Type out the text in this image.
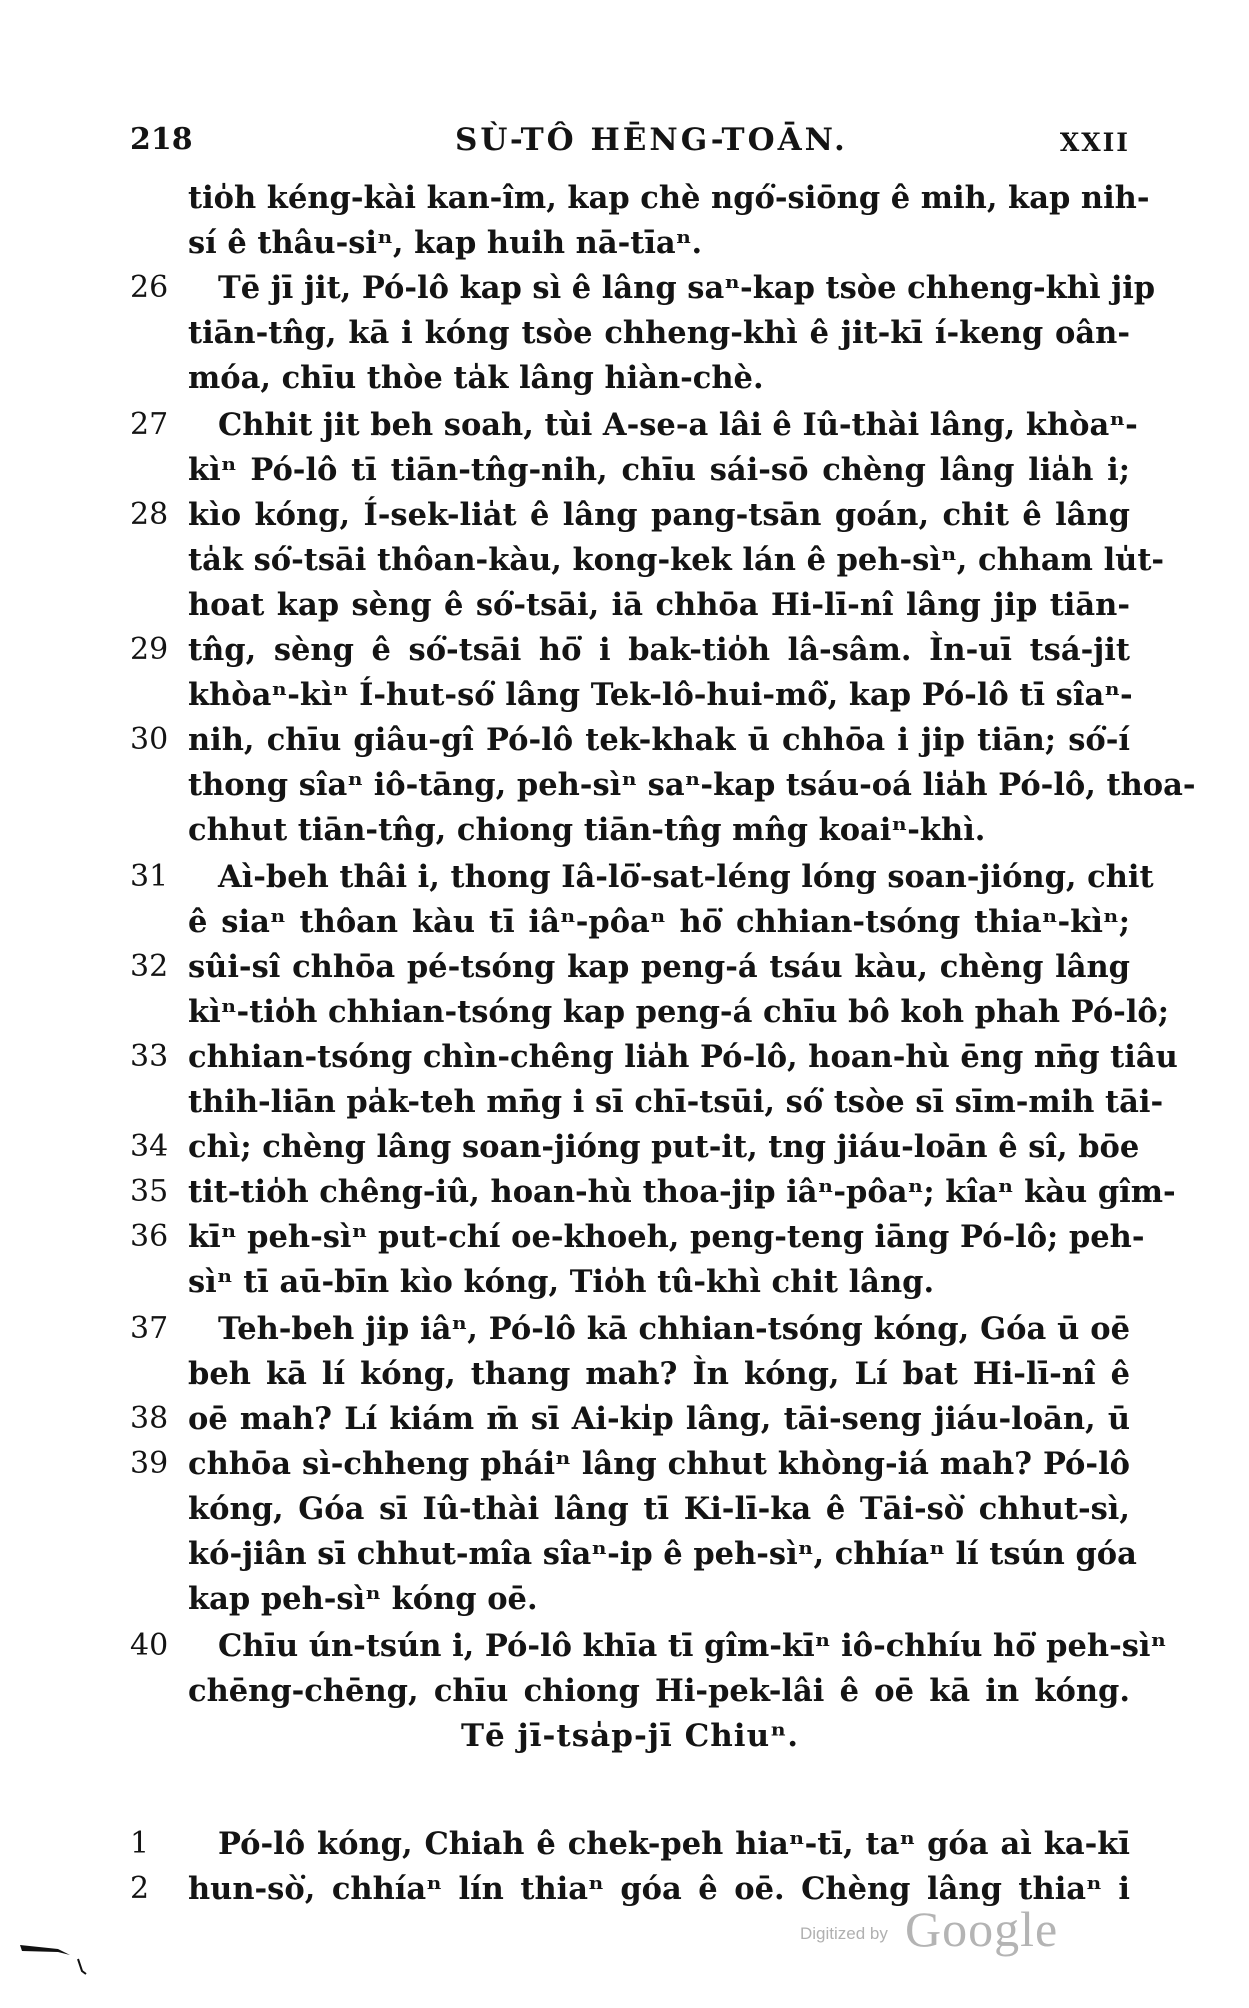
218	SÙ-TÔ HĒNG-TOĀN.	XXII
tio̍h kéng-kài kan-îm, kap chè ngó͘-siōng ê mih, kap nih-
sí ê thâu-siⁿ, kap huih nā-tīaⁿ.
26 Tē jī jit, Pó-lô kap sì ê lâng saⁿ-kap tsòe chheng-khì jip
tiān-tn̂g, kā i kóng tsòe chheng-khì ê jit-kī í-keng oân-
móa, chīu thòe ta̍k lâng hiàn-chè.
27 Chhit jit beh soah, tùi A-se-a lâi ê Iû-thài lâng, khòaⁿ-
kìⁿ Pó-lô tī tiān-tn̂g-nih, chīu sái-sō chèng lâng lia̍h i;
28 kìo kóng, Í-sek-lia̍t ê lâng pang-tsān goán, chit ê lâng
ta̍k só͘-tsāi thôan-kàu, kong-kek lán ê peh-sìⁿ, chham lu̍t-
hoat kap sèng ê só͘-tsāi, iā chhōa Hi-lī-nî lâng jip tiān-
29 tn̂g, sèng ê só͘-tsāi hō͘ i bak-tio̍h lâ-sâm. Ìn-uī tsá-jit
khòaⁿ-kìⁿ Í-hut-só͘ lâng Tek-lô-hui-mô͘, kap Pó-lô tī sîaⁿ-
30 nih, chīu giâu-gî Pó-lô tek-khak ū chhōa i jip tiān; só͘-í
thong sîaⁿ iô-tāng, peh-sìⁿ saⁿ-kap tsáu-oá lia̍h Pó-lô, thoa-
chhut tiān-tn̂g, chiong tiān-tn̂g mn̂g koaiⁿ-khì.
31 Aì-beh thâi i, thong Iâ-lō͘-sat-léng lóng soan-jióng, chit
ê siaⁿ thôan kàu tī iâⁿ-pôaⁿ hō͘ chhian-tsóng thiaⁿ-kìⁿ;
32 sûi-sî chhōa pé-tsóng kap peng-á tsáu kàu, chèng lâng
kìⁿ-tio̍h chhian-tsóng kap peng-á chīu bô koh phah Pó-lô;
33 chhian-tsóng chìn-chêng lia̍h Pó-lô, hoan-hù ēng nn̄g tiâu
thih-liān pa̍k-teh mn̄g i sī chī-tsūi, só͘ tsòe sī sīm-mih tāi-
34 chì; chèng lâng soan-jióng put-it, tng jiáu-loān ê sî, bōe
35 tit-tio̍h chêng-iû, hoan-hù thoa-jip iâⁿ-pôaⁿ; kîaⁿ kàu gîm-
36 kīⁿ peh-sìⁿ put-chí oe-khoeh, peng-teng iāng Pó-lô; peh-
sìⁿ tī aū-bīn kìo kóng, Tio̍h tû-khì chit lâng.
37 Teh-beh jip iâⁿ, Pó-lô kā chhian-tsóng kóng, Góa ū oē
beh kā lí kóng, thang mah? Ìn kóng, Lí bat Hi-lī-nî ê
38 oē mah? Lí kiám m̄ sī Ai-ki̍p lâng, tāi-seng jiáu-loān, ū
39 chhōa sì-chheng pháiⁿ lâng chhut khòng-iá mah? Pó-lô
kóng, Góa sī Iû-thài lâng tī Ki-lī-ka ê Tāi-sò͘ chhut-sì,
kó-jiân sī chhut-mîa sîaⁿ-ip ê peh-sìⁿ, chhíaⁿ lí tsún góa
kap peh-sìⁿ kóng oē.
40 Chīu ún-tsún i, Pó-lô khīa tī gîm-kīⁿ iô-chhíu hō͘ peh-sìⁿ
chēng-chēng, chīu chiong Hi-pek-lâi ê oē kā in kóng.
Tē jī-tsa̍p-jī Chiuⁿ.
1	Pó-lô kóng, Chiah ê chek-peh hiaⁿ-tī, taⁿ góa aì ka-kī
2	hun-sò͘, chhíaⁿ lín thiaⁿ góa ê oē. Chèng lâng thiaⁿ i
Digitized by Google
